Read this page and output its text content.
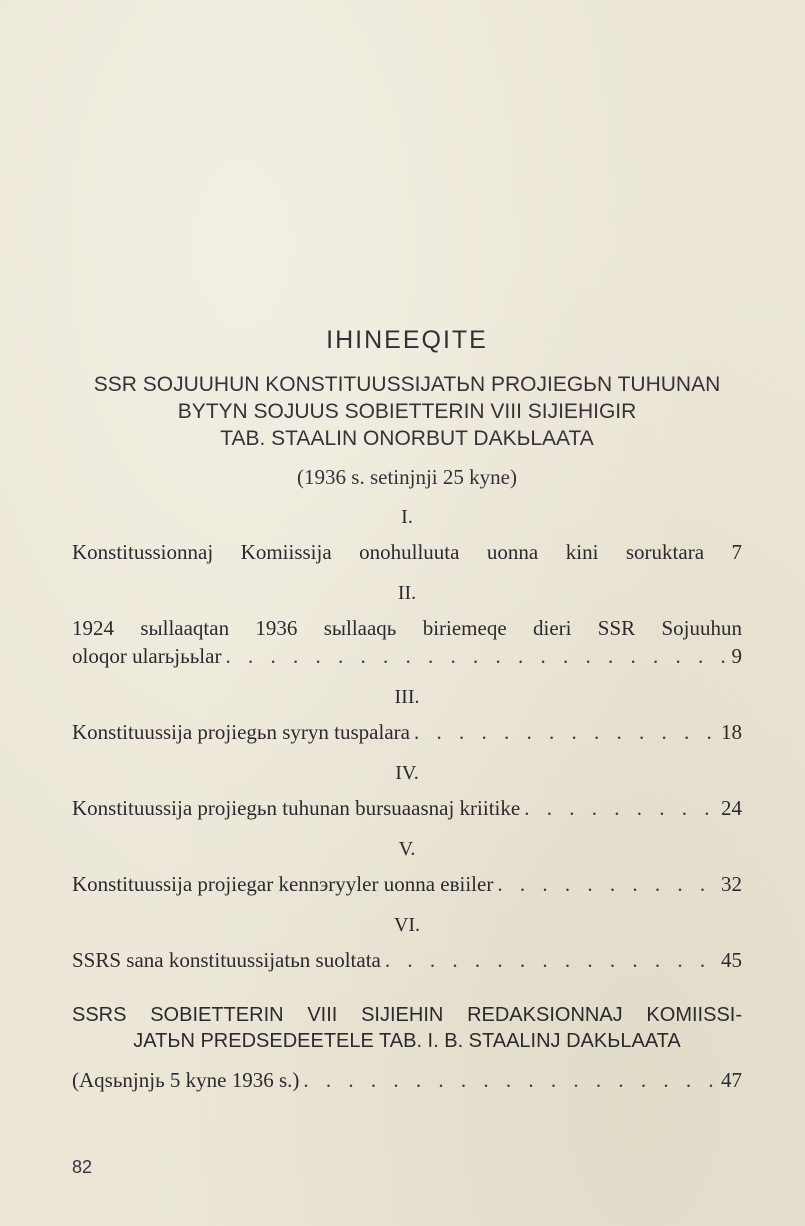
IHINEEQITE
SSR SOJUUHUN KONSTITUUSSIJATЬN PROJIEGЬN TUHUNAN
BYTYN SOJUUS SOBIETTERIN VIII SIJIEHIGIR
TAB. STAALIN ONORBUT DAKЬLAATA
(1936 s. setinjnji 25 kyne)
I.
Konstitussionnaj Komiissija onohulluuta uonna kini soruktara 7
II.
1924 sыllaaqtan 1936 sыllaaqь biriemeqe dieri SSR Sojuuhun
oloqor ularьjььlar . . .	9
III.
Konstituussija projiegьn syryn tuspalara . . .	18
IV.
Konstituussija projiegьn tuhunan bursuaasnaj kriitike . . .	24
V.
Konstituussija projiegar kennэryyler uonna eвiiler . . .	32
VI.
SSRS sana konstituussijatьn suoltata . . .	45
SSRS SOBIETTERIN VIII SIJIEHIN REDAKSIONNAJ KOMIISSI-
JATЬN PREDSEDEETELE TAB. I. B. STAALINJ DAKЬLAATA
(Aqsьnjnjь 5 kyne 1936 s.) . . .	47
82
